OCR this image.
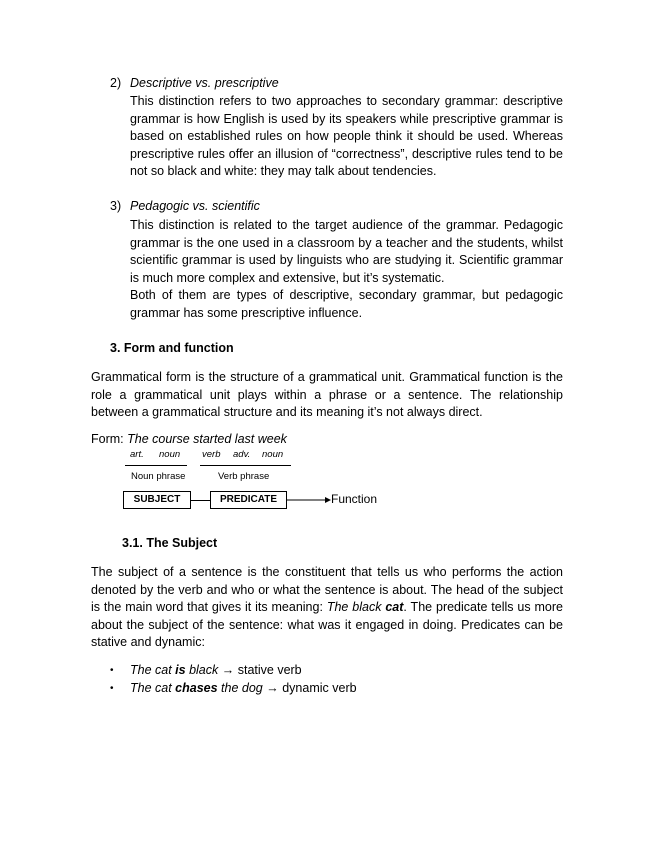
2) Descriptive vs. prescriptive
This distinction refers to two approaches to secondary grammar: descriptive grammar is how English is used by its speakers while prescriptive grammar is based on established rules on how people think it should be used. Whereas prescriptive rules offer an illusion of “correctness”, descriptive rules tend to be not so black and white: they may talk about tendencies.
3) Pedagogic vs. scientific
This distinction is related to the target audience of the grammar. Pedagogic grammar is the one used in a classroom by a teacher and the students, whilst scientific grammar is used by linguists who are studying it. Scientific grammar is much more complex and extensive, but it’s systematic.
Both of them are types of descriptive, secondary grammar, but pedagogic grammar has some prescriptive influence.
3. Form and function
Grammatical form is the structure of a grammatical unit. Grammatical function is the role a grammatical unit plays within a phrase or a sentence. The relationship between a grammatical structure and its meaning it’s not always direct.
Form: The course started last week
art. noun verb adv. noun
Noun phrase	Verb phrase
SUBJECT	PREDICATE	Function
3.1. The Subject
The subject of a sentence is the constituent that tells us who performs the action denoted by the verb and who or what the sentence is about. The head of the subject is the main word that gives it its meaning: The black cat. The predicate tells us more about the subject of the sentence: what was it engaged in doing. Predicates can be stative and dynamic:
• The cat is black → stative verb
• The cat chases the dog → dynamic verb
